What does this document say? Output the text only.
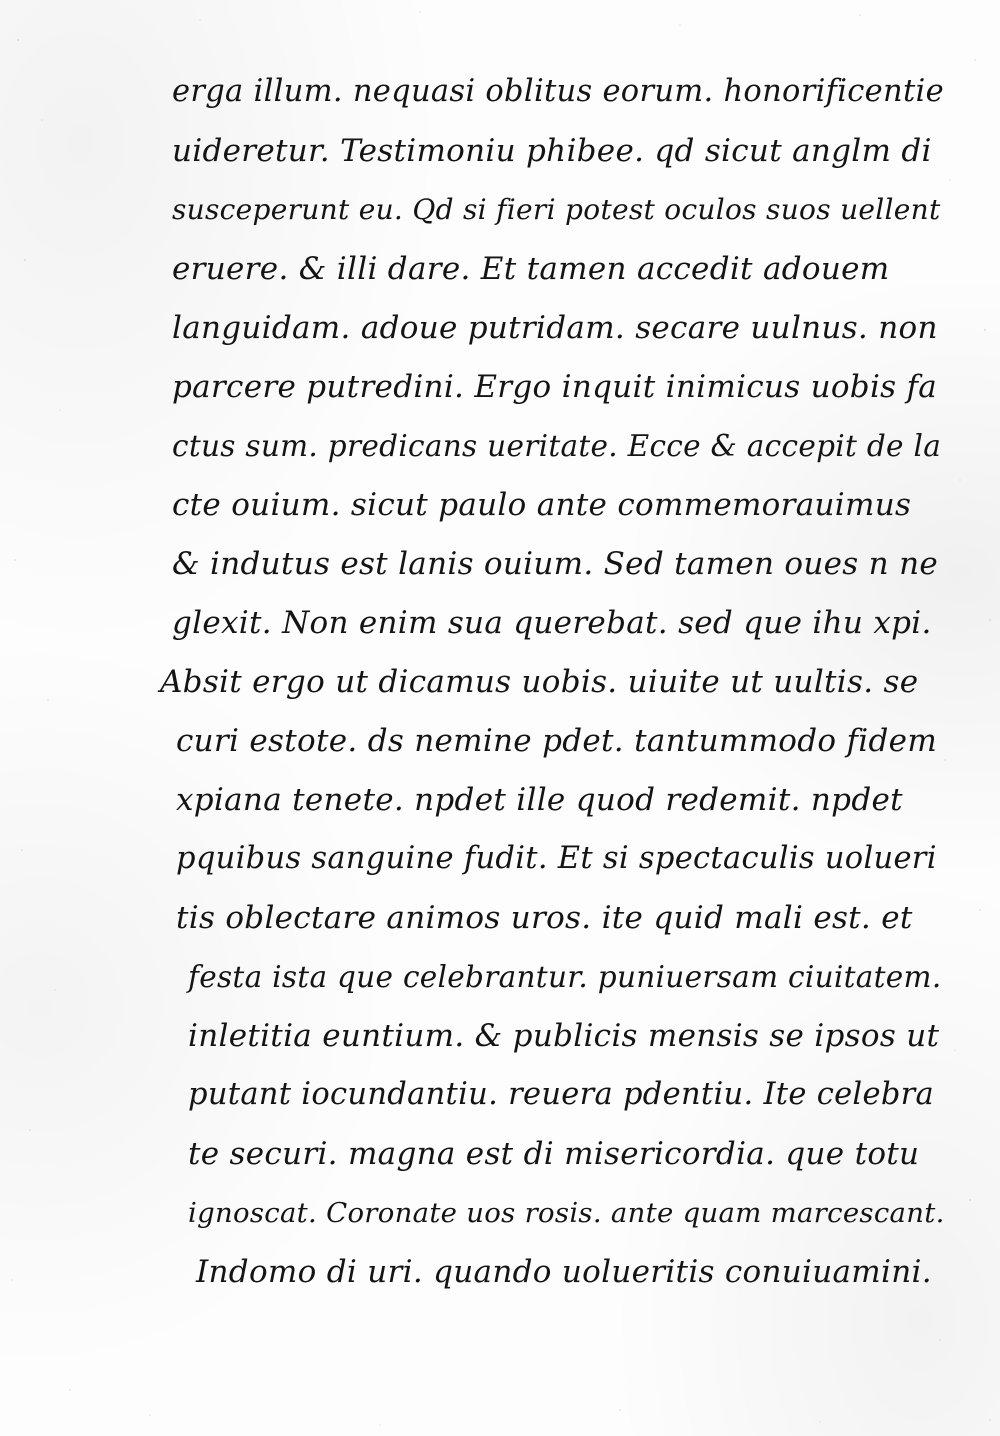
erga illum. nequasi oblitus eorum. honorificentie

uideretur. Testimoniu phibee. qd sicut anglm di

susceperunt eu. Qd si fieri potest oculos suos uellent

eruere. & illi dare. Et tamen accedit adouem

languidam. adoue putridam. secare uulnus. non

parcere putredini. Ergo inquit inimicus uobis fa

ctus sum. predicans ueritate. Ecce & accepit de la

cte ouium. sicut paulo ante commemorauimus

& indutus est lanis ouium. Sed tamen oues n ne

glexit. Non enim sua querebat. sed que ihu xpi.

Absit ergo ut dicamus uobis. uiuite ut uultis. se

curi estote. ds nemine pdet. tantummodo fidem

xpiana tenete. npdet ille quod redemit. npdet

pquibus sanguine fudit. Et si spectaculis uolueri

tis oblectare animos uros. ite quid mali est. et

festa ista que celebrantur. puniuersam ciuitatem.

inletitia euntium. & publicis mensis se ipsos ut

putant iocundantiu. reuera pdentiu. Ite celebra

te securi. magna est di misericordia. que totu

ignoscat. Coronate uos rosis. ante quam marcescant.

Indomo di uri. quando uolueritis conuiuamini.
